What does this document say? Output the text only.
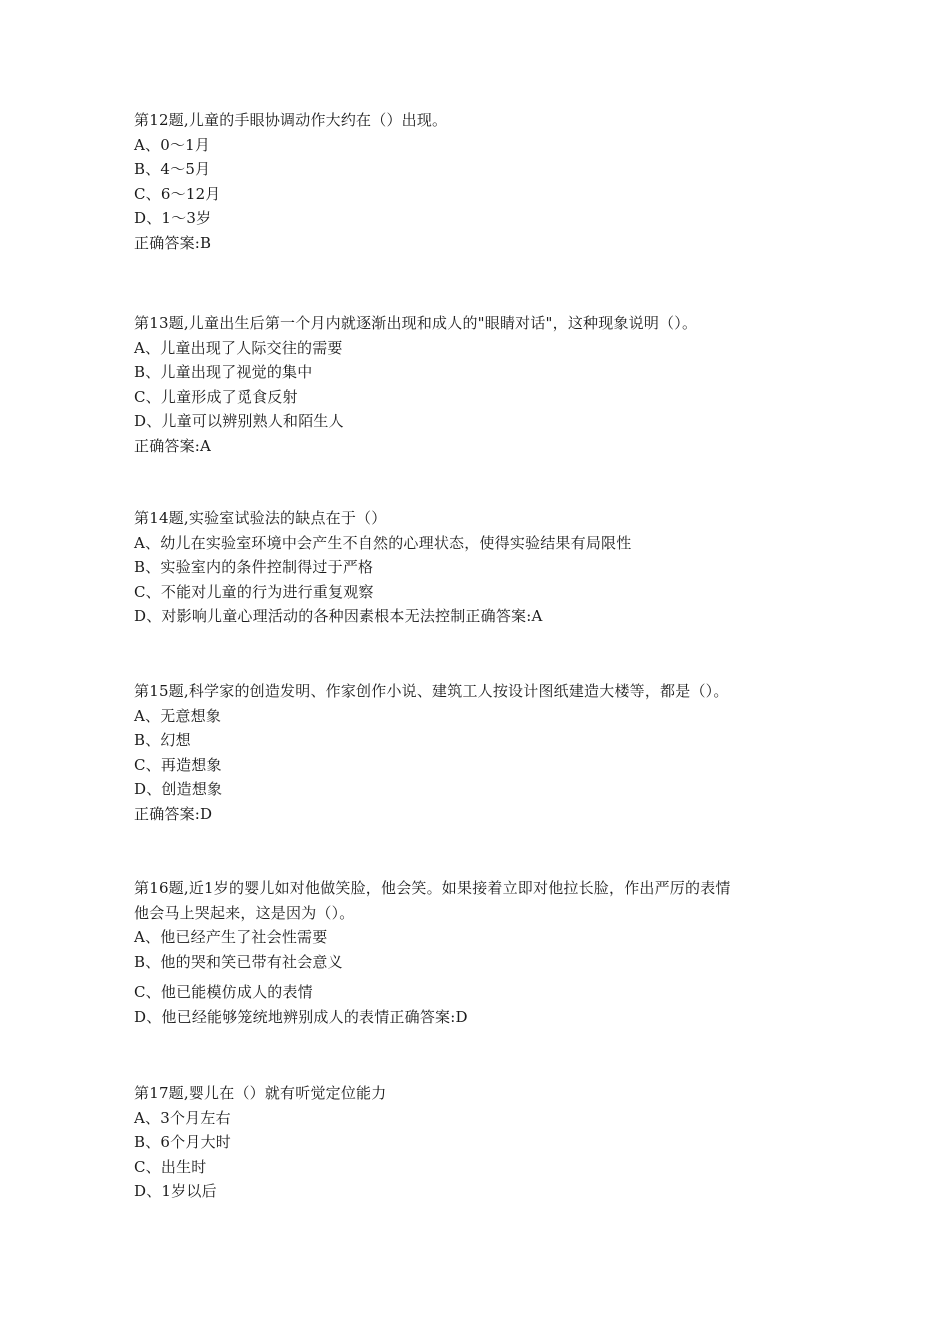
第12题,儿童的手眼协调动作大约在（）出现。
A、0～1月
B、4～5月
C、6～12月
D、1～3岁
正确答案:B
第13题,儿童出生后第一个月内就逐渐出现和成人的"眼睛对话"，这种现象说明（）。
A、儿童出现了人际交往的需要
B、儿童出现了视觉的集中
C、儿童形成了觅食反射
D、儿童可以辨别熟人和陌生人
正确答案:A
第14题,实验室试验法的缺点在于（）
A、幼儿在实验室环境中会产生不自然的心理状态，使得实验结果有局限性
B、实验室内的条件控制得过于严格
C、不能对儿童的行为进行重复观察
D、对影响儿童心理活动的各种因素根本无法控制正确答案:A
第15题,科学家的创造发明、作家创作小说、建筑工人按设计图纸建造大楼等，都是（）。
A、无意想象
B、幻想
C、再造想象
D、创造想象
正确答案:D
第16题,近1岁的婴儿如对他做笑脸，他会笑。如果接着立即对他拉长脸，作出严厉的表情
他会马上哭起来，这是因为（）。
A、他已经产生了社会性需要
B、他的哭和笑已带有社会意义
C、他已能模仿成人的表情
D、他已经能够笼统地辨别成人的表情正确答案:D
第17题,婴儿在（）就有听觉定位能力
A、3个月左右
B、6个月大时
C、出生时
D、1岁以后
